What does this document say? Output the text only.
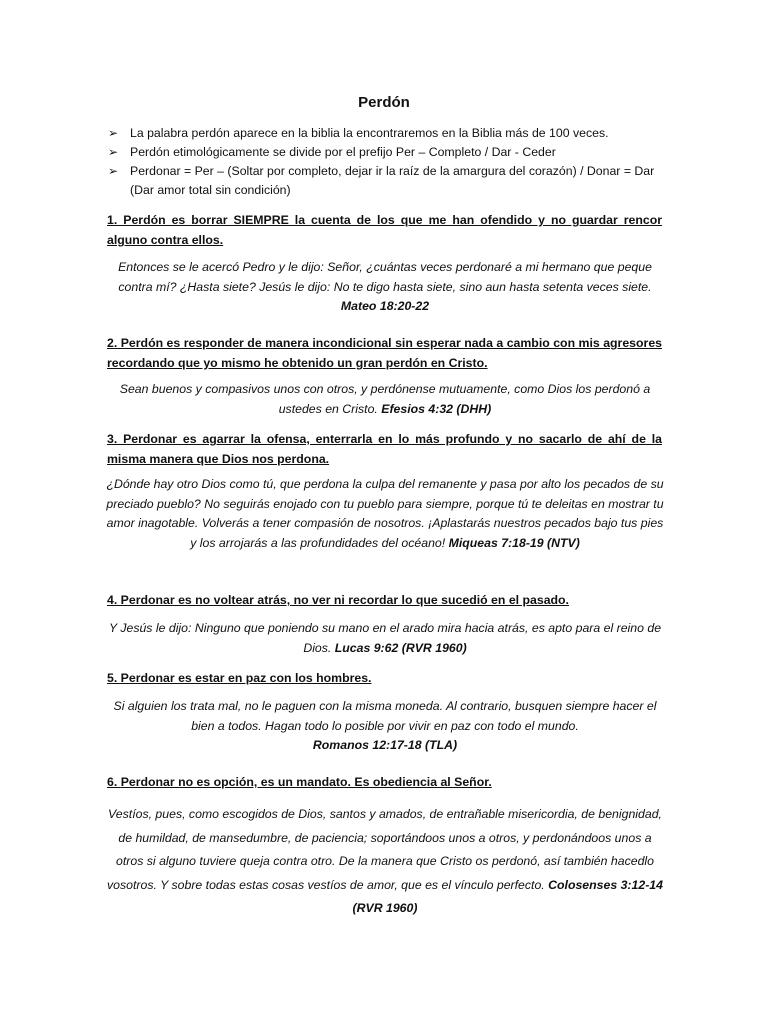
Perdón
➢ La palabra perdón aparece en la biblia la encontraremos en la Biblia más de 100 veces.
➢ Perdón etimológicamente se divide por el prefijo Per – Completo / Dar - Ceder
➢ Perdonar = Per – (Soltar por completo, dejar ir la raíz de la amargura del corazón) / Donar = Dar (Dar amor total sin condición)
1. Perdón es borrar SIEMPRE la cuenta de los que me han ofendido y no guardar rencor alguno contra ellos.
Entonces se le acercó Pedro y le dijo: Señor, ¿cuántas veces perdonaré a mi hermano que peque contra mí? ¿Hasta siete? Jesús le dijo: No te digo hasta siete, sino aun hasta setenta veces siete.
Mateo 18:20-22
2. Perdón es responder de manera incondicional sin esperar nada a cambio con mis agresores recordando que yo mismo he obtenido un gran perdón en Cristo.
Sean buenos y compasivos unos con otros, y perdónense mutuamente, como Dios los perdonó a ustedes en Cristo. Efesios 4:32 (DHH)
3. Perdonar es agarrar la ofensa, enterrarla en lo más profundo y no sacarlo de ahí de la misma manera que Dios nos perdona.
¿Dónde hay otro Dios como tú, que perdona la culpa del remanente y pasa por alto los pecados de su preciado pueblo? No seguirás enojado con tu pueblo para siempre, porque tú te deleitas en mostrar tu amor inagotable. Volverás a tener compasión de nosotros. ¡Aplastarás nuestros pecados bajo tus pies y los arrojarás a las profundidades del océano! Miqueas 7:18-19 (NTV)
4. Perdonar es no voltear atrás, no ver ni recordar lo que sucedió en el pasado.
Y Jesús le dijo: Ninguno que poniendo su mano en el arado mira hacia atrás, es apto para el reino de Dios. Lucas 9:62 (RVR 1960)
5. Perdonar es estar en paz con los hombres.
Si alguien los trata mal, no le paguen con la misma moneda. Al contrario, busquen siempre hacer el bien a todos. Hagan todo lo posible por vivir en paz con todo el mundo.
Romanos 12:17-18 (TLA)
6. Perdonar no es opción, es un mandato. Es obediencia al Señor.
Vestíos, pues, como escogidos de Dios, santos y amados, de entrañable misericordia, de benignidad, de humildad, de mansedumbre, de paciencia; soportándoos unos a otros, y perdonándoos unos a otros si alguno tuviere queja contra otro. De la manera que Cristo os perdonó, así también hacedlo vosotros. Y sobre todas estas cosas vestíos de amor, que es el vínculo perfecto. Colosenses 3:12-14 (RVR 1960)
